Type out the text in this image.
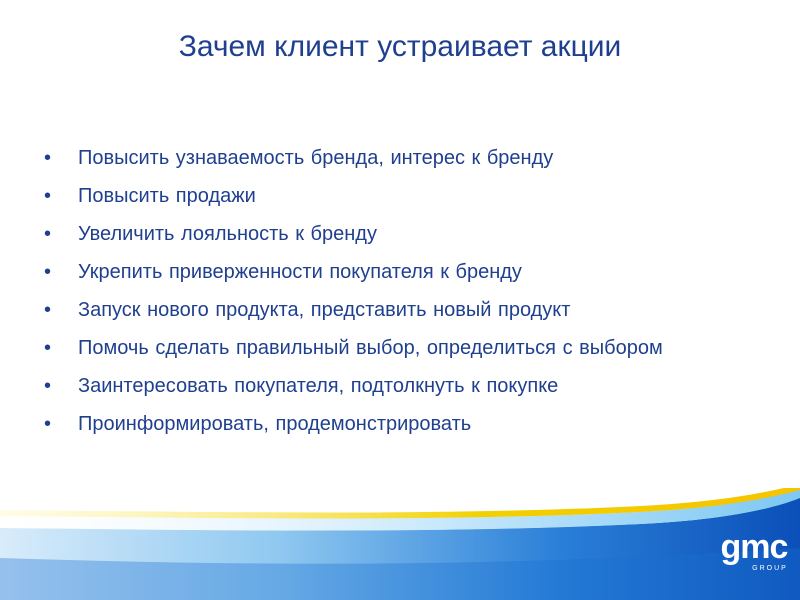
Зачем клиент устраивает акции
•	Повысить узнаваемость бренда, интерес к бренду
•	Повысить продажи
•	Увеличить лояльность к бренду
•	Укрепить приверженности покупателя к бренду
•	Запуск нового продукта, представить новый продукт
•	Помочь сделать правильный выбор, определиться с выбором
•	Заинтересовать покупателя, подтолкнуть к покупке
•	Проинформировать, продемонстрировать
gmc
GROUP
